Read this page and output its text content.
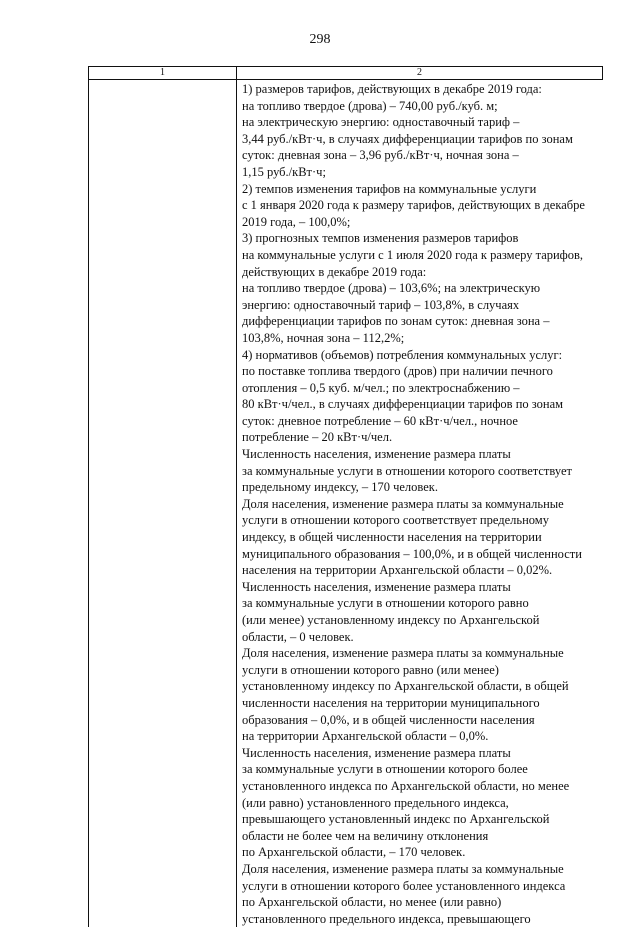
298
1	2
1) размеров тарифов, действующих в декабре 2019 года:
на топливо твердое (дрова) – 740,00 руб./куб. м;
на электрическую энергию: одноставочный тариф –
3,44 руб./кВт·ч, в случаях дифференциации тарифов по зонам
суток: дневная зона – 3,96 руб./кВт·ч, ночная зона –
1,15 руб./кВт·ч;
2) темпов изменения тарифов на коммунальные услуги
с 1 января 2020 года к размеру тарифов, действующих в декабре
2019 года, – 100,0%;
3) прогнозных темпов изменения размеров тарифов
на коммунальные услуги с 1 июля 2020 года к размеру тарифов,
действующих в декабре 2019 года:
на топливо твердое (дрова) – 103,6%; на электрическую
энергию: одноставочный тариф – 103,8%, в случаях
дифференциации тарифов по зонам суток: дневная зона –
103,8%, ночная зона – 112,2%;
4) нормативов (объемов) потребления коммунальных услуг:
по поставке топлива твердого (дров) при наличии печного
отопления – 0,5 куб. м/чел.; по электроснабжению –
80 кВт·ч/чел., в случаях дифференциации тарифов по зонам
суток: дневное потребление – 60 кВт·ч/чел., ночное
потребление – 20 кВт·ч/чел.
Численность населения, изменение размера платы
за коммунальные услуги в отношении которого соответствует
предельному индексу, – 170 человек.
Доля населения, изменение размера платы за коммунальные
услуги в отношении которого соответствует предельному
индексу, в общей численности населения на территории
муниципального образования – 100,0%, и в общей численности
населения на территории Архангельской области – 0,02%.
Численность населения, изменение размера платы
за коммунальные услуги в отношении которого равно
(или менее) установленному индексу по Архангельской
области, – 0 человек.
Доля населения, изменение размера платы за коммунальные
услуги в отношении которого равно (или менее)
установленному индексу по Архангельской области, в общей
численности населения на территории муниципального
образования – 0,0%, и в общей численности населения
на территории Архангельской области – 0,0%.
Численность населения, изменение размера платы
за коммунальные услуги в отношении которого более
установленного индекса по Архангельской области, но менее
(или равно) установленного предельного индекса,
превышающего установленный индекс по Архангельской
области не более чем на величину отклонения
по Архангельской области, – 170 человек.
Доля населения, изменение размера платы за коммунальные
услуги в отношении которого более установленного индекса
по Архангельской области, но менее (или равно)
установленного предельного индекса, превышающего
